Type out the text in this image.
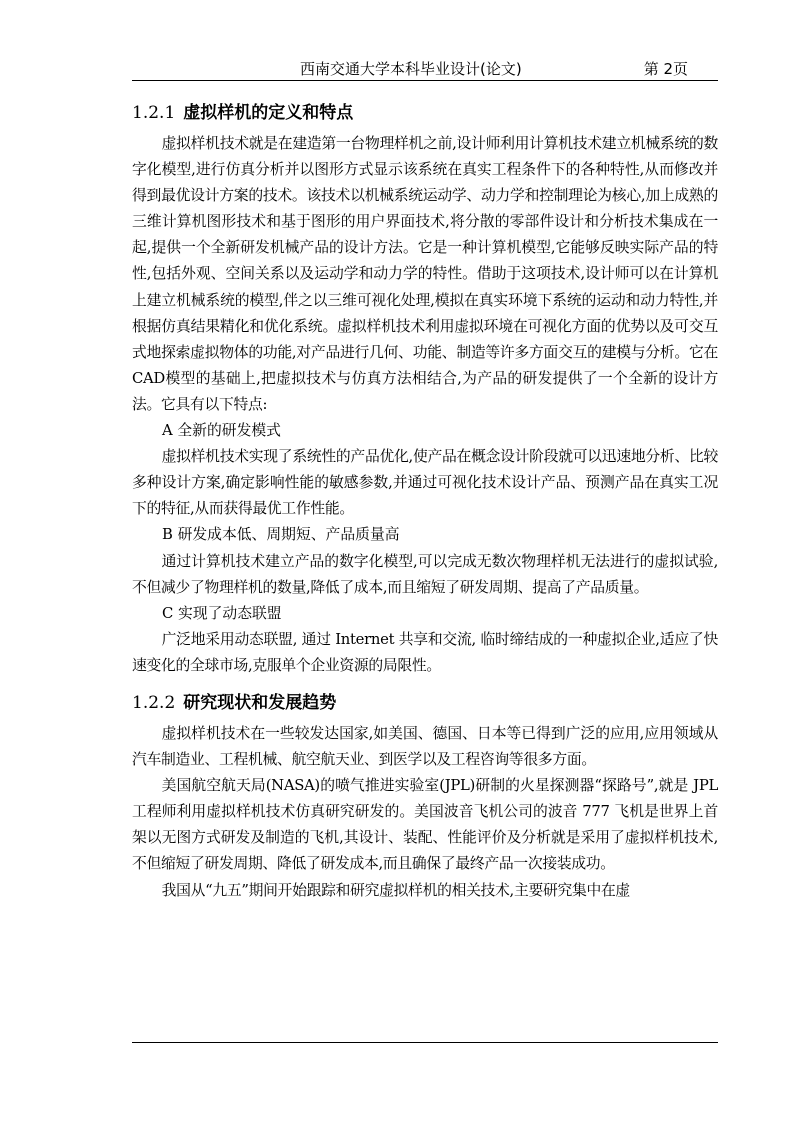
西南交通大学本科毕业设计(论文)	第 2页
1.2.1 虚拟样机的定义和特点

虚拟样机技术就是在建造第一台物理样机之前,设计师利用计算机技术建立机械系统的数字化模型,进行仿真分析并以图形方式显示该系统在真实工程条件下的各种特性,从而修改并得到最优设计方案的技术。该技术以机械系统运动学、动力学和控制理论为核心,加上成熟的三维计算机图形技术和基于图形的用户界面技术,将分散的零部件设计和分析技术集成在一起,提供一个全新研发机械产品的设计方法。它是一种计算机模型,它能够反映实际产品的特性,包括外观、空间关系以及运动学和动力学的特性。借助于这项技术,设计师可以在计算机上建立机械系统的模型,伴之以三维可视化处理,模拟在真实环境下系统的运动和动力特性,并根据仿真结果精化和优化系统。虚拟样机技术利用虚拟环境在可视化方面的优势以及可交互式地探索虚拟物体的功能,对产品进行几何、功能、制造等许多方面交互的建模与分析。它在CAD模型的基础上,把虚拟技术与仿真方法相结合,为产品的研发提供了一个全新的设计方法。它具有以下特点:

A 全新的研发模式

虚拟样机技术实现了系统性的产品优化,使产品在概念设计阶段就可以迅速地分析、比较多种设计方案,确定影响性能的敏感参数,并通过可视化技术设计产品、预测产品在真实工况下的特征,从而获得最优工作性能。

B 研发成本低、周期短、产品质量高

通过计算机技术建立产品的数字化模型,可以完成无数次物理样机无法进行的虚拟试验,不但减少了物理样机的数量,降低了成本,而且缩短了研发周期、提高了产品质量。

C 实现了动态联盟

广泛地采用动态联盟, 通过 Internet 共享和交流, 临时缔结成的一种虚拟企业,适应了快速变化的全球市场,克服单个企业资源的局限性。

1.2.2 研究现状和发展趋势

虚拟样机技术在一些较发达国家,如美国、德国、日本等已得到广泛的应用,应用领域从汽车制造业、工程机械、航空航天业、到医学以及工程咨询等很多方面。

美国航空航天局(NASA)的喷气推进实验室(JPL)研制的火星探测器“探路号”,就是 JPL 工程师利用虚拟样机技术仿真研究研发的。美国波音飞机公司的波音 777 飞机是世界上首架以无图方式研发及制造的飞机,其设计、装配、性能评价及分析就是采用了虚拟样机技术,不但缩短了研发周期、降低了研发成本,而且确保了最终产品一次接装成功。

我国从“九五”期间开始跟踪和研究虚拟样机的相关技术,主要研究集中在虚
